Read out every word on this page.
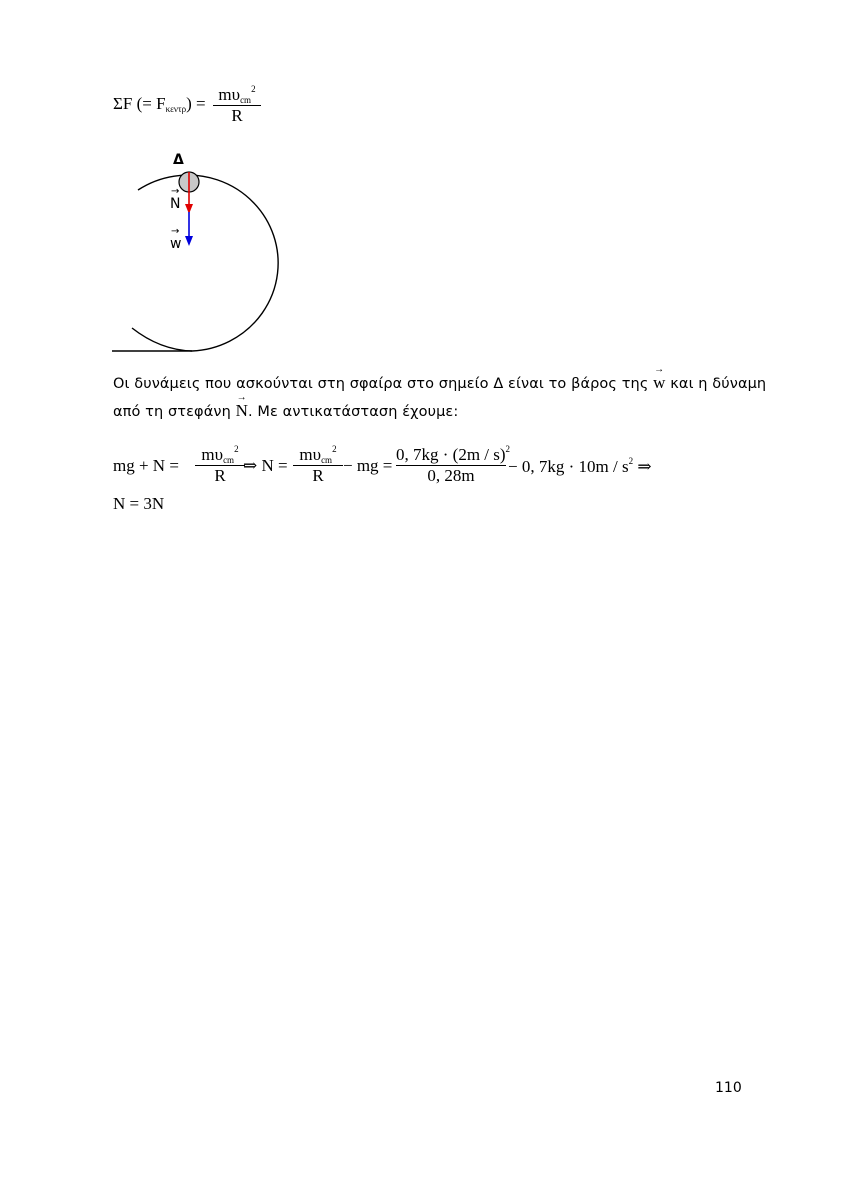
ΣF (= $F_{\kappa\varepsilon\nu\tau\rho}) = m\upsilon_{cm}^2$
R
Δ
→
N
→
w
Οι δυνάμεις που ασκούνται στη σφαίρα στο σημείο Δ είναι το βάρος της
→
w και η δύναμη
από τη στεφάνη
→
N. Με αντικατάσταση έχουμε:
mg + N =
$m\upsilon_{cm}^2$
R
⇒ N =
$m\upsilon_{cm}^2$
R
− mg =
0, 7kg · (2m / s)$^2$
0, 28m	− 0, $7kg \cdot 10m / s^2$ ⇒
N = 3N
110
